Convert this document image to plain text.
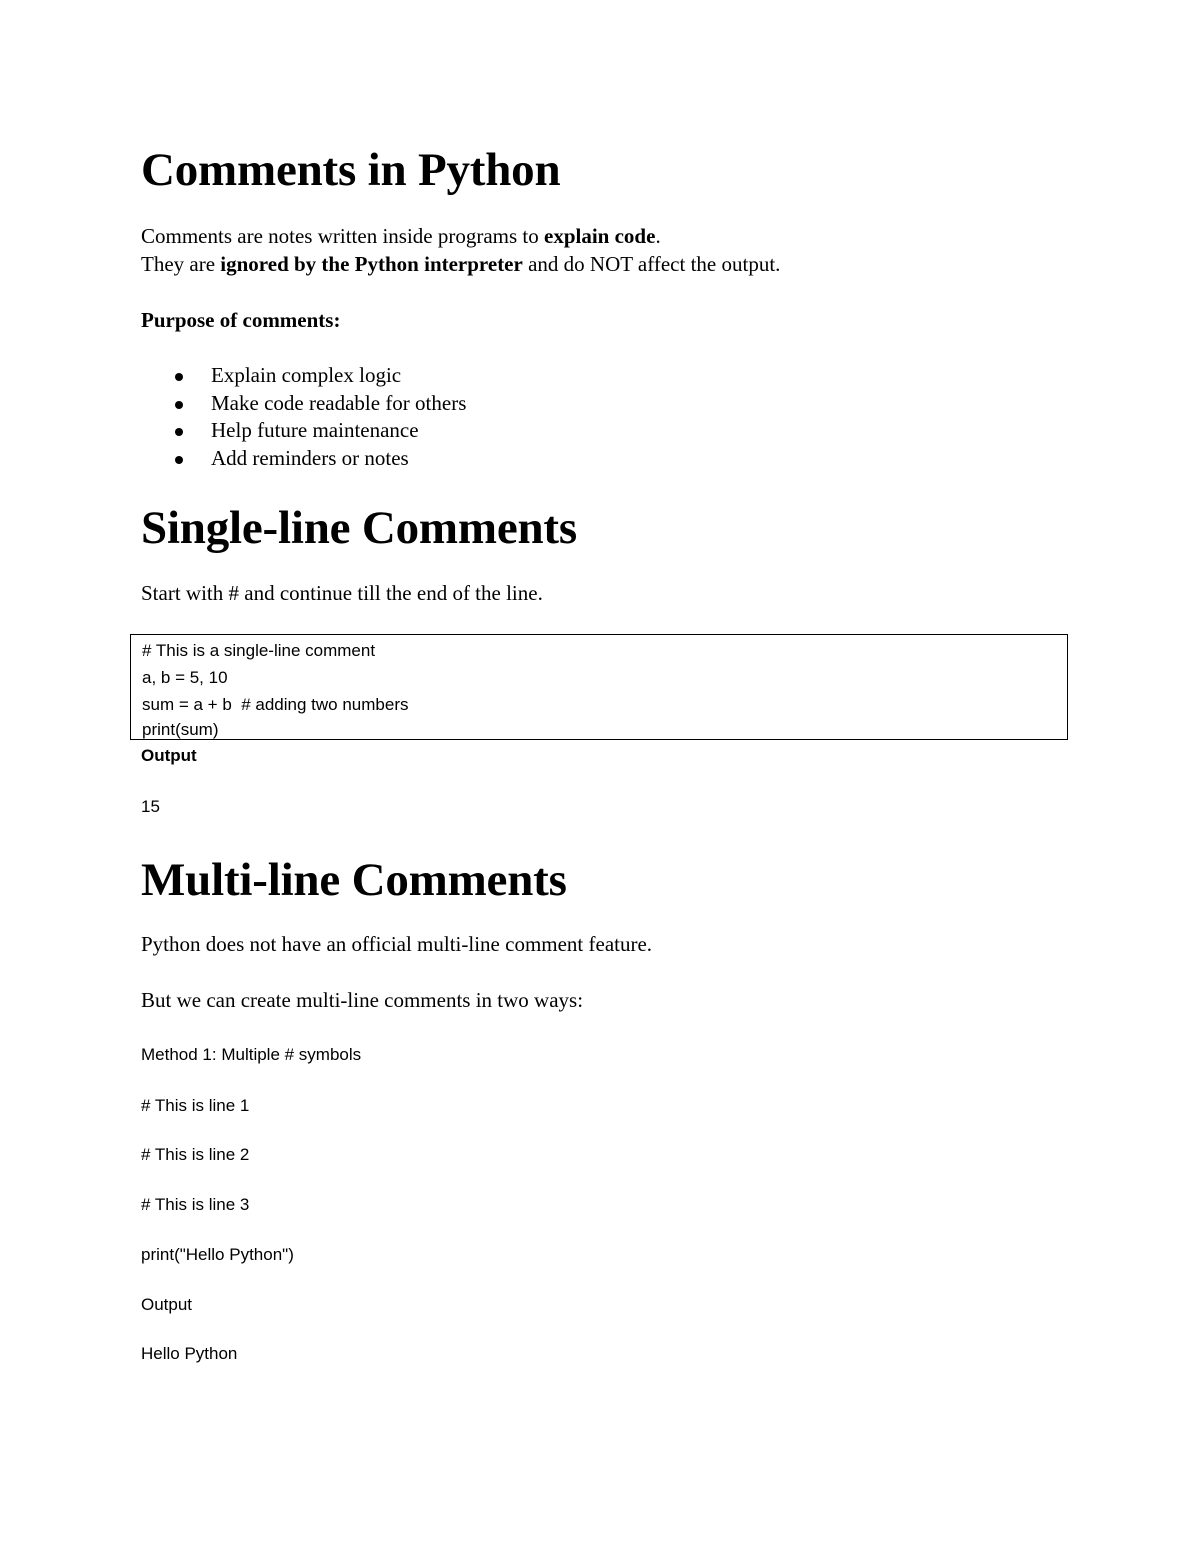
Comments in Python
Comments are notes written inside programs to explain code.
They are ignored by the Python interpreter and do NOT affect the output.
Purpose of comments:
Explain complex logic
Make code readable for others
Help future maintenance
Add reminders or notes
Single-line Comments
Start with # and continue till the end of the line.
# This is a single-line comment
a, b = 5, 10
sum = a + b  # adding two numbers
print(sum)
Output
15
Multi-line Comments
Python does not have an official multi-line comment feature.
But we can create multi-line comments in two ways:
Method 1: Multiple # symbols
# This is line 1
# This is line 2
# This is line 3
print("Hello Python")
Output
Hello Python
